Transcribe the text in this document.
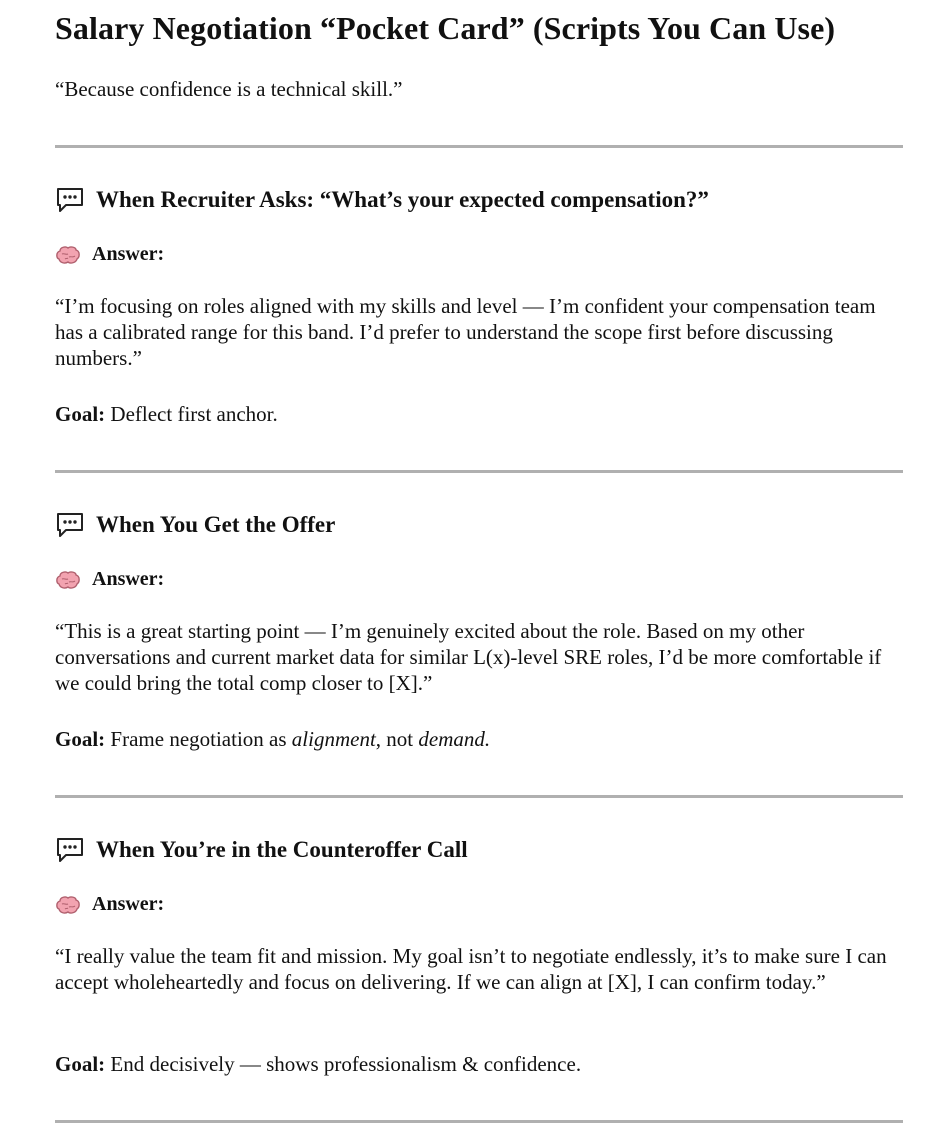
Salary Negotiation “Pocket Card” (Scripts You Can Use)
“Because confidence is a technical skill.”
When Recruiter Asks: “What’s your expected compensation?”
Answer:
“I’m focusing on roles aligned with my skills and level — I’m confident your compensation team has a calibrated range for this band. I’d prefer to understand the scope first before discussing numbers.”
Goal: Deflect first anchor.
When You Get the Offer
Answer:
“This is a great starting point — I’m genuinely excited about the role. Based on my other conversations and current market data for similar L(x)-level SRE roles, I’d be more comfortable if we could bring the total comp closer to [X].”
Goal: Frame negotiation as alignment, not demand.
When You’re in the Counteroffer Call
Answer:
“I really value the team fit and mission. My goal isn’t to negotiate endlessly, it’s to make sure I can accept wholeheartedly and focus on delivering. If we can align at [X], I can confirm today.”
Goal: End decisively — shows professionalism & confidence.
